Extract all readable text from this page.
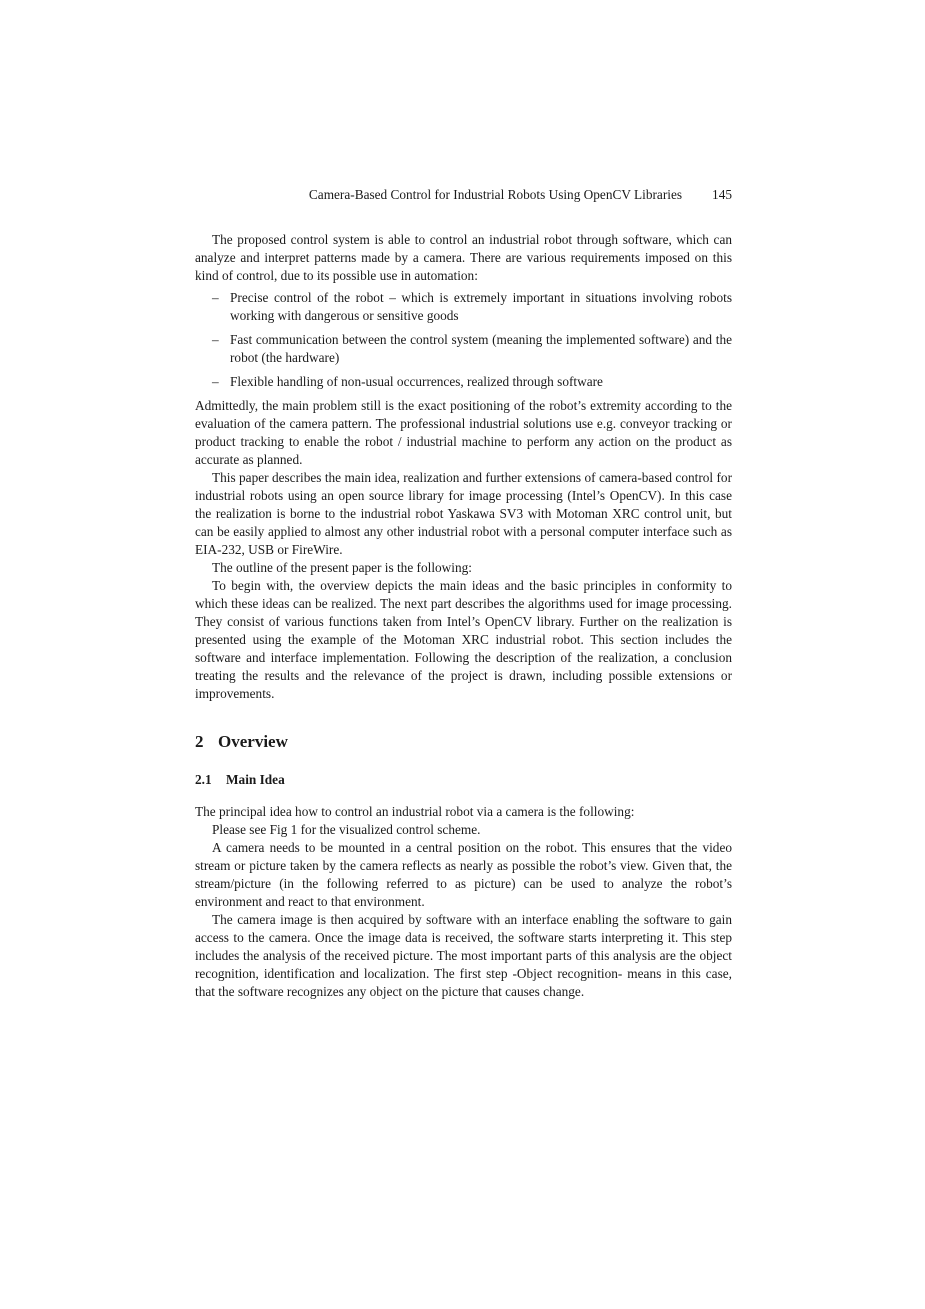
Camera-Based Control for Industrial Robots Using OpenCV Libraries 145

The proposed control system is able to control an industrial robot through software, which can analyze and interpret patterns made by a camera. There are various requirements imposed on this kind of control, due to its possible use in automation:

– Precise control of the robot – which is extremely important in situations involving robots working with dangerous or sensitive goods
– Fast communication between the control system (meaning the implemented software) and the robot (the hardware)
– Flexible handling of non-usual occurrences, realized through software

Admittedly, the main problem still is the exact positioning of the robot’s extremity according to the evaluation of the camera pattern. The professional industrial solutions use e.g. conveyor tracking or product tracking to enable the robot / industrial machine to perform any action on the product as accurate as planned.

This paper describes the main idea, realization and further extensions of camera-based control for industrial robots using an open source library for image processing (Intel’s OpenCV). In this case the realization is borne to the industrial robot Yaskawa SV3 with Motoman XRC control unit, but can be easily applied to almost any other industrial robot with a personal computer interface such as EIA-232, USB or FireWire.

The outline of the present paper is the following:

To begin with, the overview depicts the main ideas and the basic principles in conformity to which these ideas can be realized. The next part describes the algorithms used for image processing. They consist of various functions taken from Intel’s OpenCV library. Further on the realization is presented using the example of the Motoman XRC industrial robot. This section includes the software and interface implementation. Following the description of the realization, a conclusion treating the results and the relevance of the project is drawn, including possible extensions or improvements.

2 Overview
2.1 Main Idea

The principal idea how to control an industrial robot via a camera is the following:

Please see Fig 1 for the visualized control scheme.

A camera needs to be mounted in a central position on the robot. This ensures that the video stream or picture taken by the camera reflects as nearly as possible the robot’s view. Given that, the stream/picture (in the following referred to as picture) can be used to analyze the robot’s environment and react to that environment.

The camera image is then acquired by software with an interface enabling the software to gain access to the camera. Once the image data is received, the software starts interpreting it. This step includes the analysis of the received picture. The most important parts of this analysis are the object recognition, identification and localization. The first step -Object recognition- means in this case, that the software recognizes any object on the picture that causes change.
